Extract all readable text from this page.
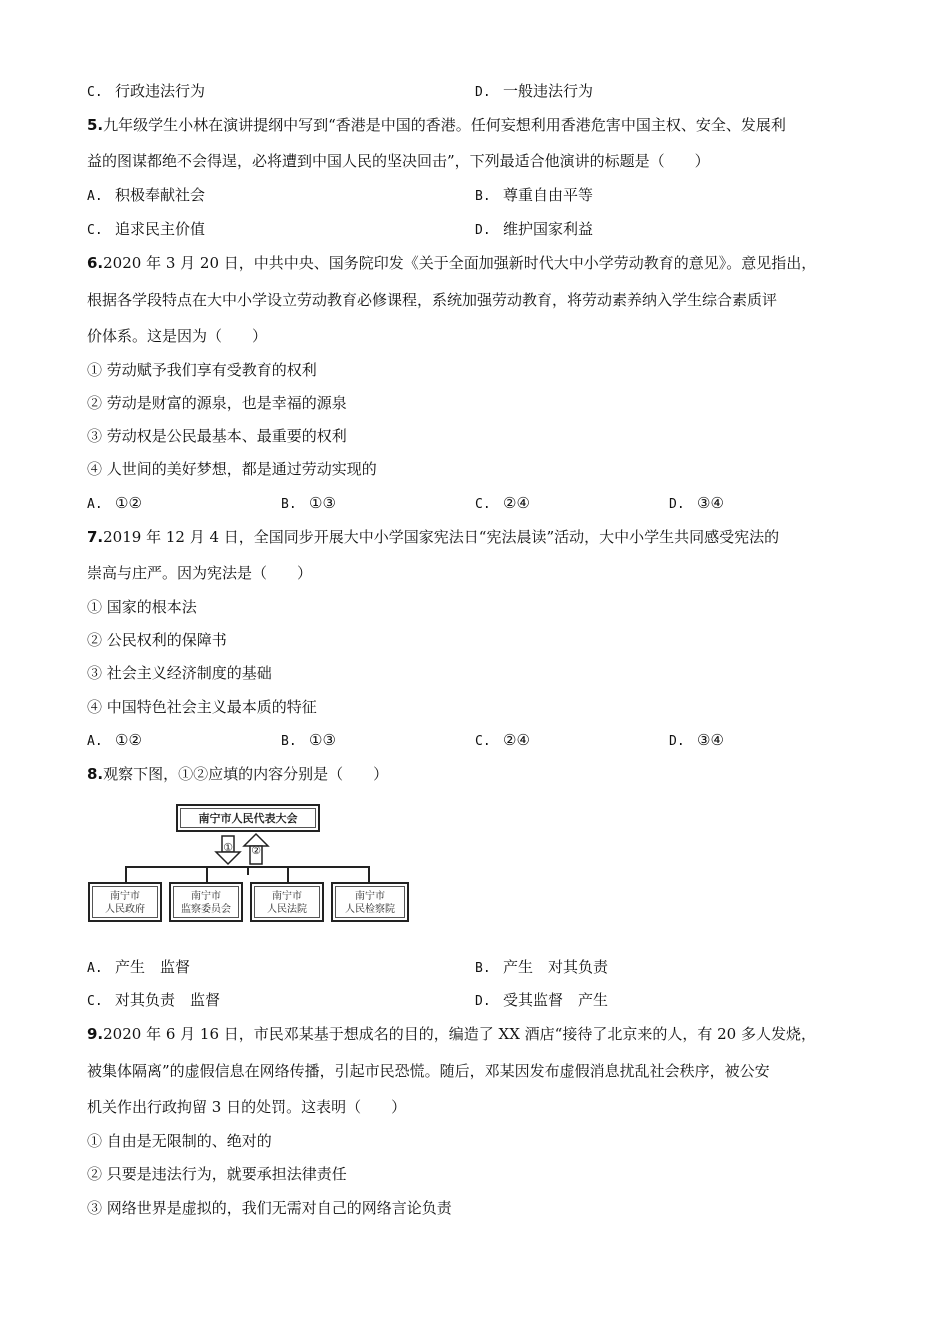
C. 行政违法行为	D. 一般违法行为
5.九年级学生小林在演讲提纲中写到“香港是中国的香港。任何妄想利用香港危害中国主权、安全、发展利
益的图谋都绝不会得逞，必将遭到中国人民的坚决回击”，下列最适合他演讲的标题是（　　）
A. 积极奉献社会	B. 尊重自由平等
C. 追求民主价值	D. 维护国家利益
6.2020 年 3 月 20 日，中共中央、国务院印发《关于全面加强新时代大中小学劳动教育的意见》。意见指出，
根据各学段特点在大中小学设立劳动教育必修课程，系统加强劳动教育，将劳动素养纳入学生综合素质评
价体系。这是因为（　　）
① 劳动赋予我们享有受教育的权利
② 劳动是财富的源泉，也是幸福的源泉
③ 劳动权是公民最基本、最重要的权利
④ 人世间的美好梦想，都是通过劳动实现的
A. ①②	B. ①③	C. ②④	D. ③④
7.2019 年 12 月 4 日，全国同步开展大中小学国家宪法日“宪法晨读”活动，大中小学生共同感受宪法的
崇高与庄严。因为宪法是（　　）
① 国家的根本法
② 公民权利的保障书
③ 社会主义经济制度的基础
④ 中国特色社会主义最本质的特征
A. ①②	B. ①③	C. ②④	D. ③④
8.观察下图，①②应填的内容分别是（　　）
南宁市人民代表大会
① ②
南宁市
人民政府
南宁市
监察委员会
南宁市
人民法院
南宁市
人民检察院
A. 产生　监督	B. 产生　对其负责
C. 对其负责　监督	D. 受其监督　产生
9.2020 年 6 月 16 日，市民邓某基于想成名的目的，编造了 XX 酒店“接待了北京来的人，有 20 多人发烧，
被集体隔离”的虚假信息在网络传播，引起市民恐慌。随后，邓某因发布虚假消息扰乱社会秩序，被公安
机关作出行政拘留 3 日的处罚。这表明（　　）
① 自由是无限制的、绝对的
② 只要是违法行为，就要承担法律责任
③ 网络世界是虚拟的，我们无需对自己的网络言论负责
